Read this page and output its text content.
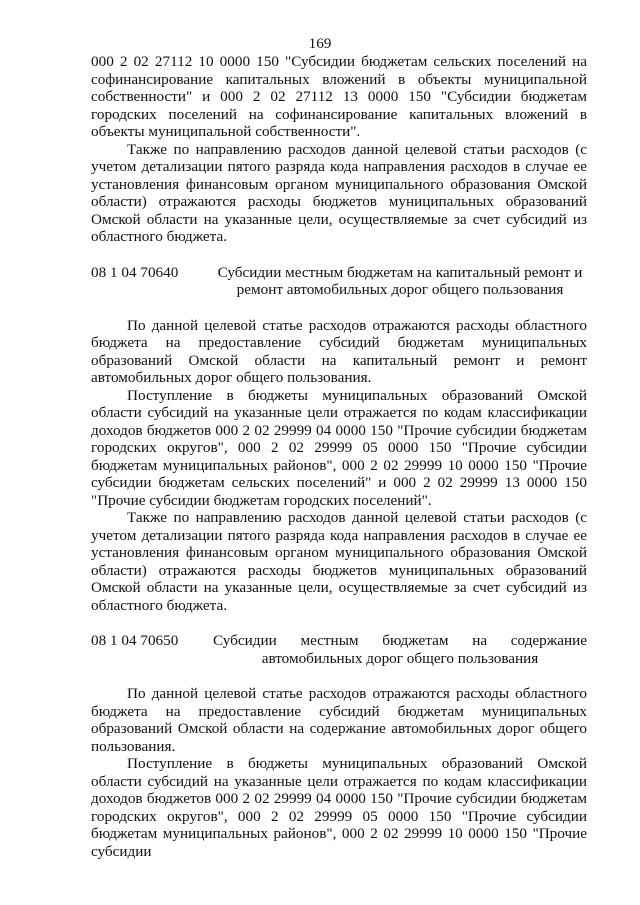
169

000 2 02 27112 10 0000 150 "Субсидии бюджетам сельских поселений на софинансирование капитальных вложений в объекты муниципальной собственности" и 000 2 02 27112 13 0000 150 "Субсидии бюджетам городских поселений на софинансирование капитальных вложений в объекты муниципальной собственности".

Также по направлению расходов данной целевой статьи расходов (с учетом детализации пятого разряда кода направления расходов в случае ее установления финансовым органом муниципального образования Омской области) отражаются расходы бюджетов муниципальных образований Омской области на указанные цели, осуществляемые за счет субсидий из областного бюджета.

08 1 04 70640	Субсидии местным бюджетам на капитальный ремонт и ремонт автомобильных дорог общего пользования

По данной целевой статье расходов отражаются расходы областного бюджета на предоставление субсидий бюджетам муниципальных образований Омской области на капитальный ремонт и ремонт автомобильных дорог общего пользования.

Поступление в бюджеты муниципальных образований Омской области субсидий на указанные цели отражается по кодам классификации доходов бюджетов 000 2 02 29999 04 0000 150 "Прочие субсидии бюджетам городских округов", 000 2 02 29999 05 0000 150 "Прочие субсидии бюджетам муниципальных районов", 000 2 02 29999 10 0000 150 "Прочие субсидии бюджетам сельских поселений" и 000 2 02 29999 13 0000 150 "Прочие субсидии бюджетам городских поселений".

Также по направлению расходов данной целевой статьи расходов (с учетом детализации пятого разряда кода направления расходов в случае ее установления финансовым органом муниципального образования Омской области) отражаются расходы бюджетов муниципальных образований Омской области на указанные цели, осуществляемые за счет субсидий из областного бюджета.

08 1 04 70650	Субсидии местным бюджетам на содержание автомобильных дорог общего пользования

По данной целевой статье расходов отражаются расходы областного бюджета на предоставление субсидий бюджетам муниципальных образований Омской области на содержание автомобильных дорог общего пользования.

Поступление в бюджеты муниципальных образований Омской области субсидий на указанные цели отражается по кодам классификации доходов бюджетов 000 2 02 29999 04 0000 150 "Прочие субсидии бюджетам городских округов", 000 2 02 29999 05 0000 150 "Прочие субсидии бюджетам муниципальных районов", 000 2 02 29999 10 0000 150 "Прочие субсидии
